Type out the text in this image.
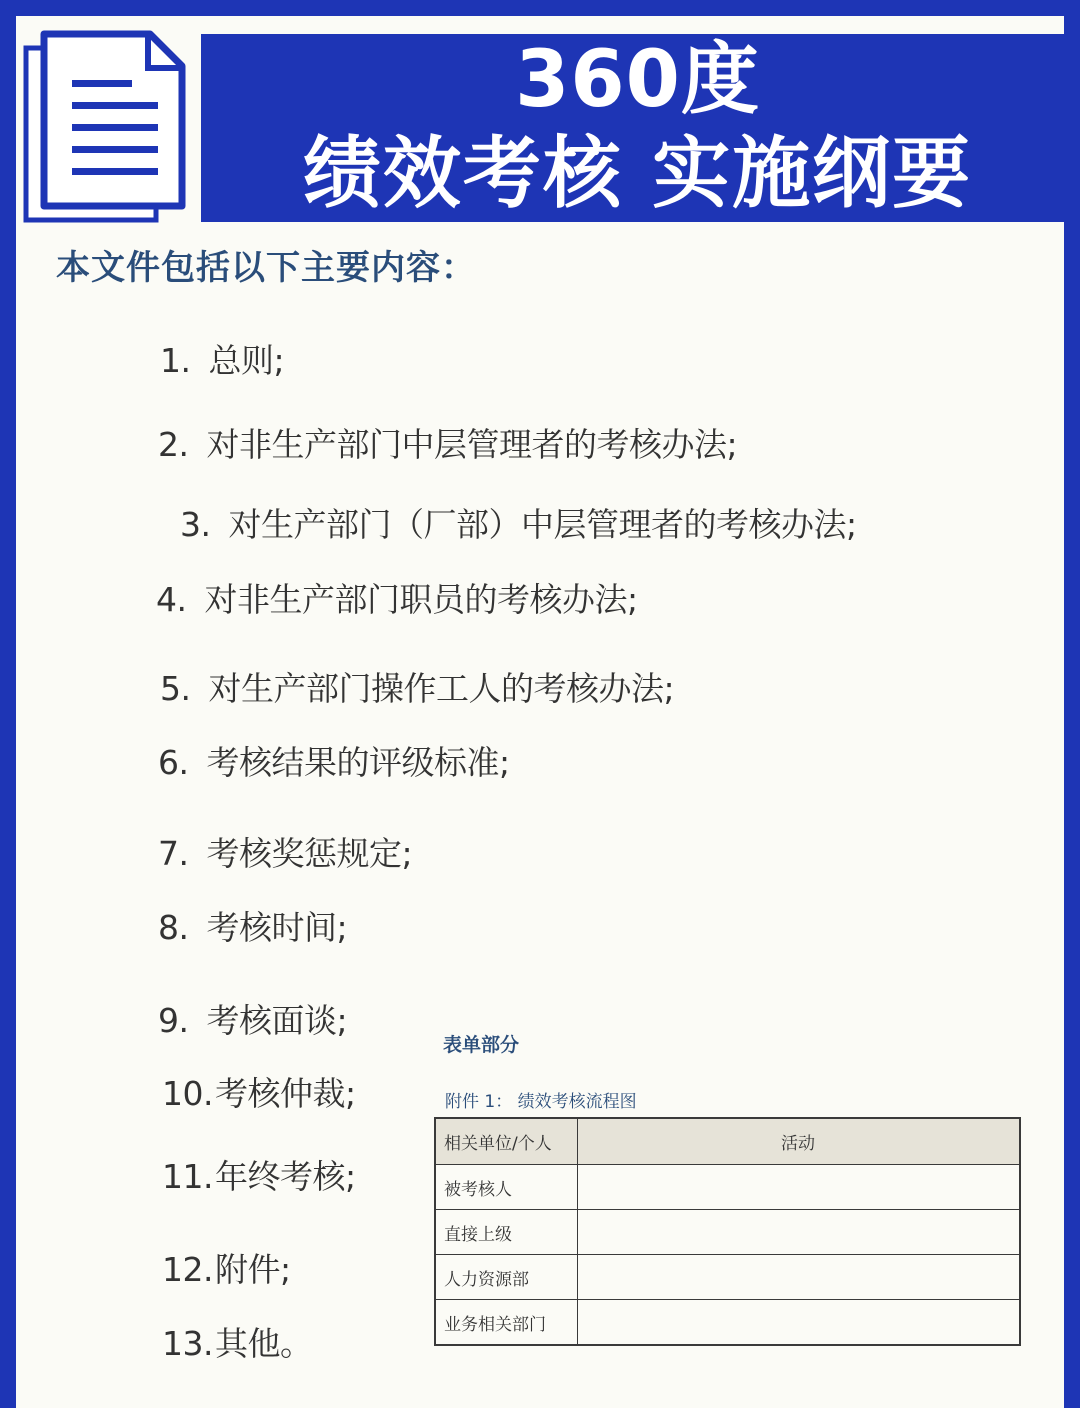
360度
绩效考核 实施纲要
本文件包括以下主要内容：
1. 总则;
2. 对非生产部门中层管理者的考核办法;
3. 对生产部门（厂部）中层管理者的考核办法;
4. 对非生产部门职员的考核办法;
5. 对生产部门操作工人的考核办法;
6. 考核结果的评级标准;
7. 考核奖惩规定;
8. 考核时间;
9. 考核面谈;
10.考核仲裁;
11.年终考核;
12.附件;
13.其他。
表单部分
附件 1： 绩效考核流程图
相关单位/个人	活动
被考核人	
直接上级	
人力资源部	
业务相关部门	
